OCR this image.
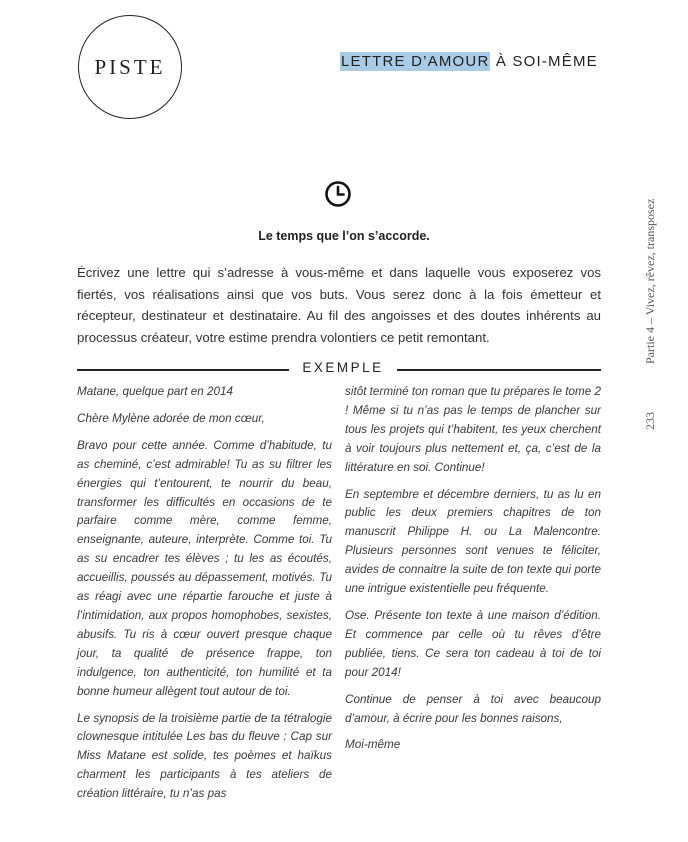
PISTE	LETTRE D’AMOUR À SOI-MÊME
Partie 4 – Vivez, rêvez, transposez
233
Le temps que l’on s’accorde.

Écrivez une lettre qui s’adresse à vous-même et dans laquelle vous exposerez vos fiertés, vos réalisations ainsi que vos buts. Vous serez donc à la fois émetteur et récepteur, destinateur et destinataire. Au fil des angoisses et des doutes inhérents au processus créateur, votre estime prendra volontiers ce petit remontant.

EXEMPLE

Matane, quelque part en 2014

Chère Mylène adorée de mon cœur,

Bravo pour cette année. Comme d’habitude, tu as cheminé, c’est admirable! Tu as su filtrer les énergies qui t’entourent, te nourrir du beau, transformer les difficultés en occasions de te parfaire comme mère, comme femme, enseignante, auteure, interprète. Comme toi. Tu as su encadrer tes élèves ; tu les as écoutés, accueillis, poussés au dépassement, motivés. Tu as réagi avec une répartie farouche et juste à l’intimidation, aux propos homophobes, sexistes, abusifs. Tu ris à cœur ouvert presque chaque jour, ta qualité de présence frappe, ton indulgence, ton authenticité, ton humilité et ta bonne humeur allègent tout autour de toi.

Le synopsis de la troisième partie de ta tétralogie clownesque intitulée Les bas du fleuve : Cap sur Miss Matane est solide, tes poèmes et haïkus charment les participants à tes ateliers de création littéraire, tu n’as pas

sitôt terminé ton roman que tu prépares le tome 2 ! Même si tu n’as pas le temps de plancher sur tous les projets qui t’habitent, tes yeux cherchent à voir toujours plus nettement et, ça, c’est de la littérature en soi. Continue!

En septembre et décembre derniers, tu as lu en public les deux premiers chapitres de ton manuscrit Philippe H. ou La Malencontre. Plusieurs personnes sont venues te féliciter, avides de connaitre la suite de ton texte qui porte une intrigue existentielle peu fréquente.

Ose. Présente ton texte à une maison d’édition. Et commence par celle où tu rêves d’être publiée, tiens. Ce sera ton cadeau à toi de toi pour 2014!

Continue de penser à toi avec beaucoup d’amour, à écrire pour les bonnes raisons,

Moi-même
